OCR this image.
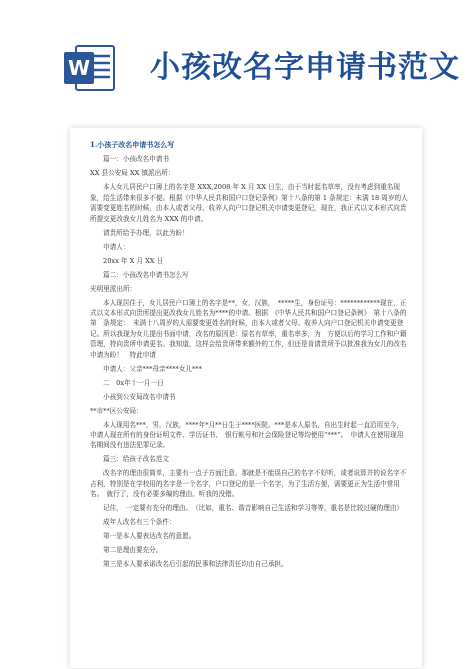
W 小孩改名字申请书范文

1.小孩子改名申请书怎么写

篇一：小孩改名申请书

XX 县公安局 XX 镇派出所：

本人女儿居民户口簿上的名字是 XXX,2008 年 X 月 XX 日生，由于当时起名草率，没有考虑到重名现象，给生活带来很多不便。根据《中华人民共和国户口登记条例》第十八条的第 1 条规定：未满 18 周岁的人需要变更姓名的时候，由本人或者父母、收养人向户口登记机关申请变更登记，现在，我正式以文本形式向贵所提交更改我女儿姓名为 XXX 的申请。

请贵所给予办理，以此为盼！

申请人：

20xx 年 X 月 XX 日

篇二：小孩改名申请书怎么写

光明里派出所：

本人现居住于，女儿居民户口簿上的名字是**，女，汉族，　*****生，身份证号：************现在，正式以文本形式向贵所提出更改我女儿姓名为****的申请。根据　《中华人民共和国户口登记条例》　第十八条的第　条规定：　未满十八周岁的人需要变更姓名的时候，由本人或者父母、收养人向户口登记机关申请变更登记。所以我现为女儿提出书面申请，改名的原因是：原名有草率，重名率多，为　方便以后的学习工作和户籍管理，特向贵所申请更名。我知道，这样会给贵所带来额外的工作，但还是肯请贵所予以批准我为女儿的改名申请为盼！　特此申请

申请人：父亲***母亲****女儿***

二　0x年十一月一日

小孩到公安局改名申请书

**市**区公安局：

本人现用名***，男，汉族，****年*月**日生于****医院。***是本人原名，自出生时起一直沿用至今，申请人现在所有的身份证明文件、学历证书、　银行帐号和社会保险登记等均使用“***”。　申请人在使用现用名期间没有违法犯罪记录。

篇三：给孩子改名范文

改名字的理由很简单，主要有一点子方面注意，那就是不能误自己的名字不好听，或者说算并的说名字不吉利，特别是在学校用的名字是一个名字，户口登记的是一个名字，为了生活方便，需要更正为生活中常用名。　就行了，没有必要多编的理由。听我的没错。

记住，　一定要有充分的理由。　（比如，重名、谐音影响自己生活和学习等等，重名是比较过硬的理由）

成年人改名有三个条件：

第一是本人要表达改名的意愿。

第二是理由要充分。

第三是本人要承诺改名后引起的民事和法律责任均由自己承担。
